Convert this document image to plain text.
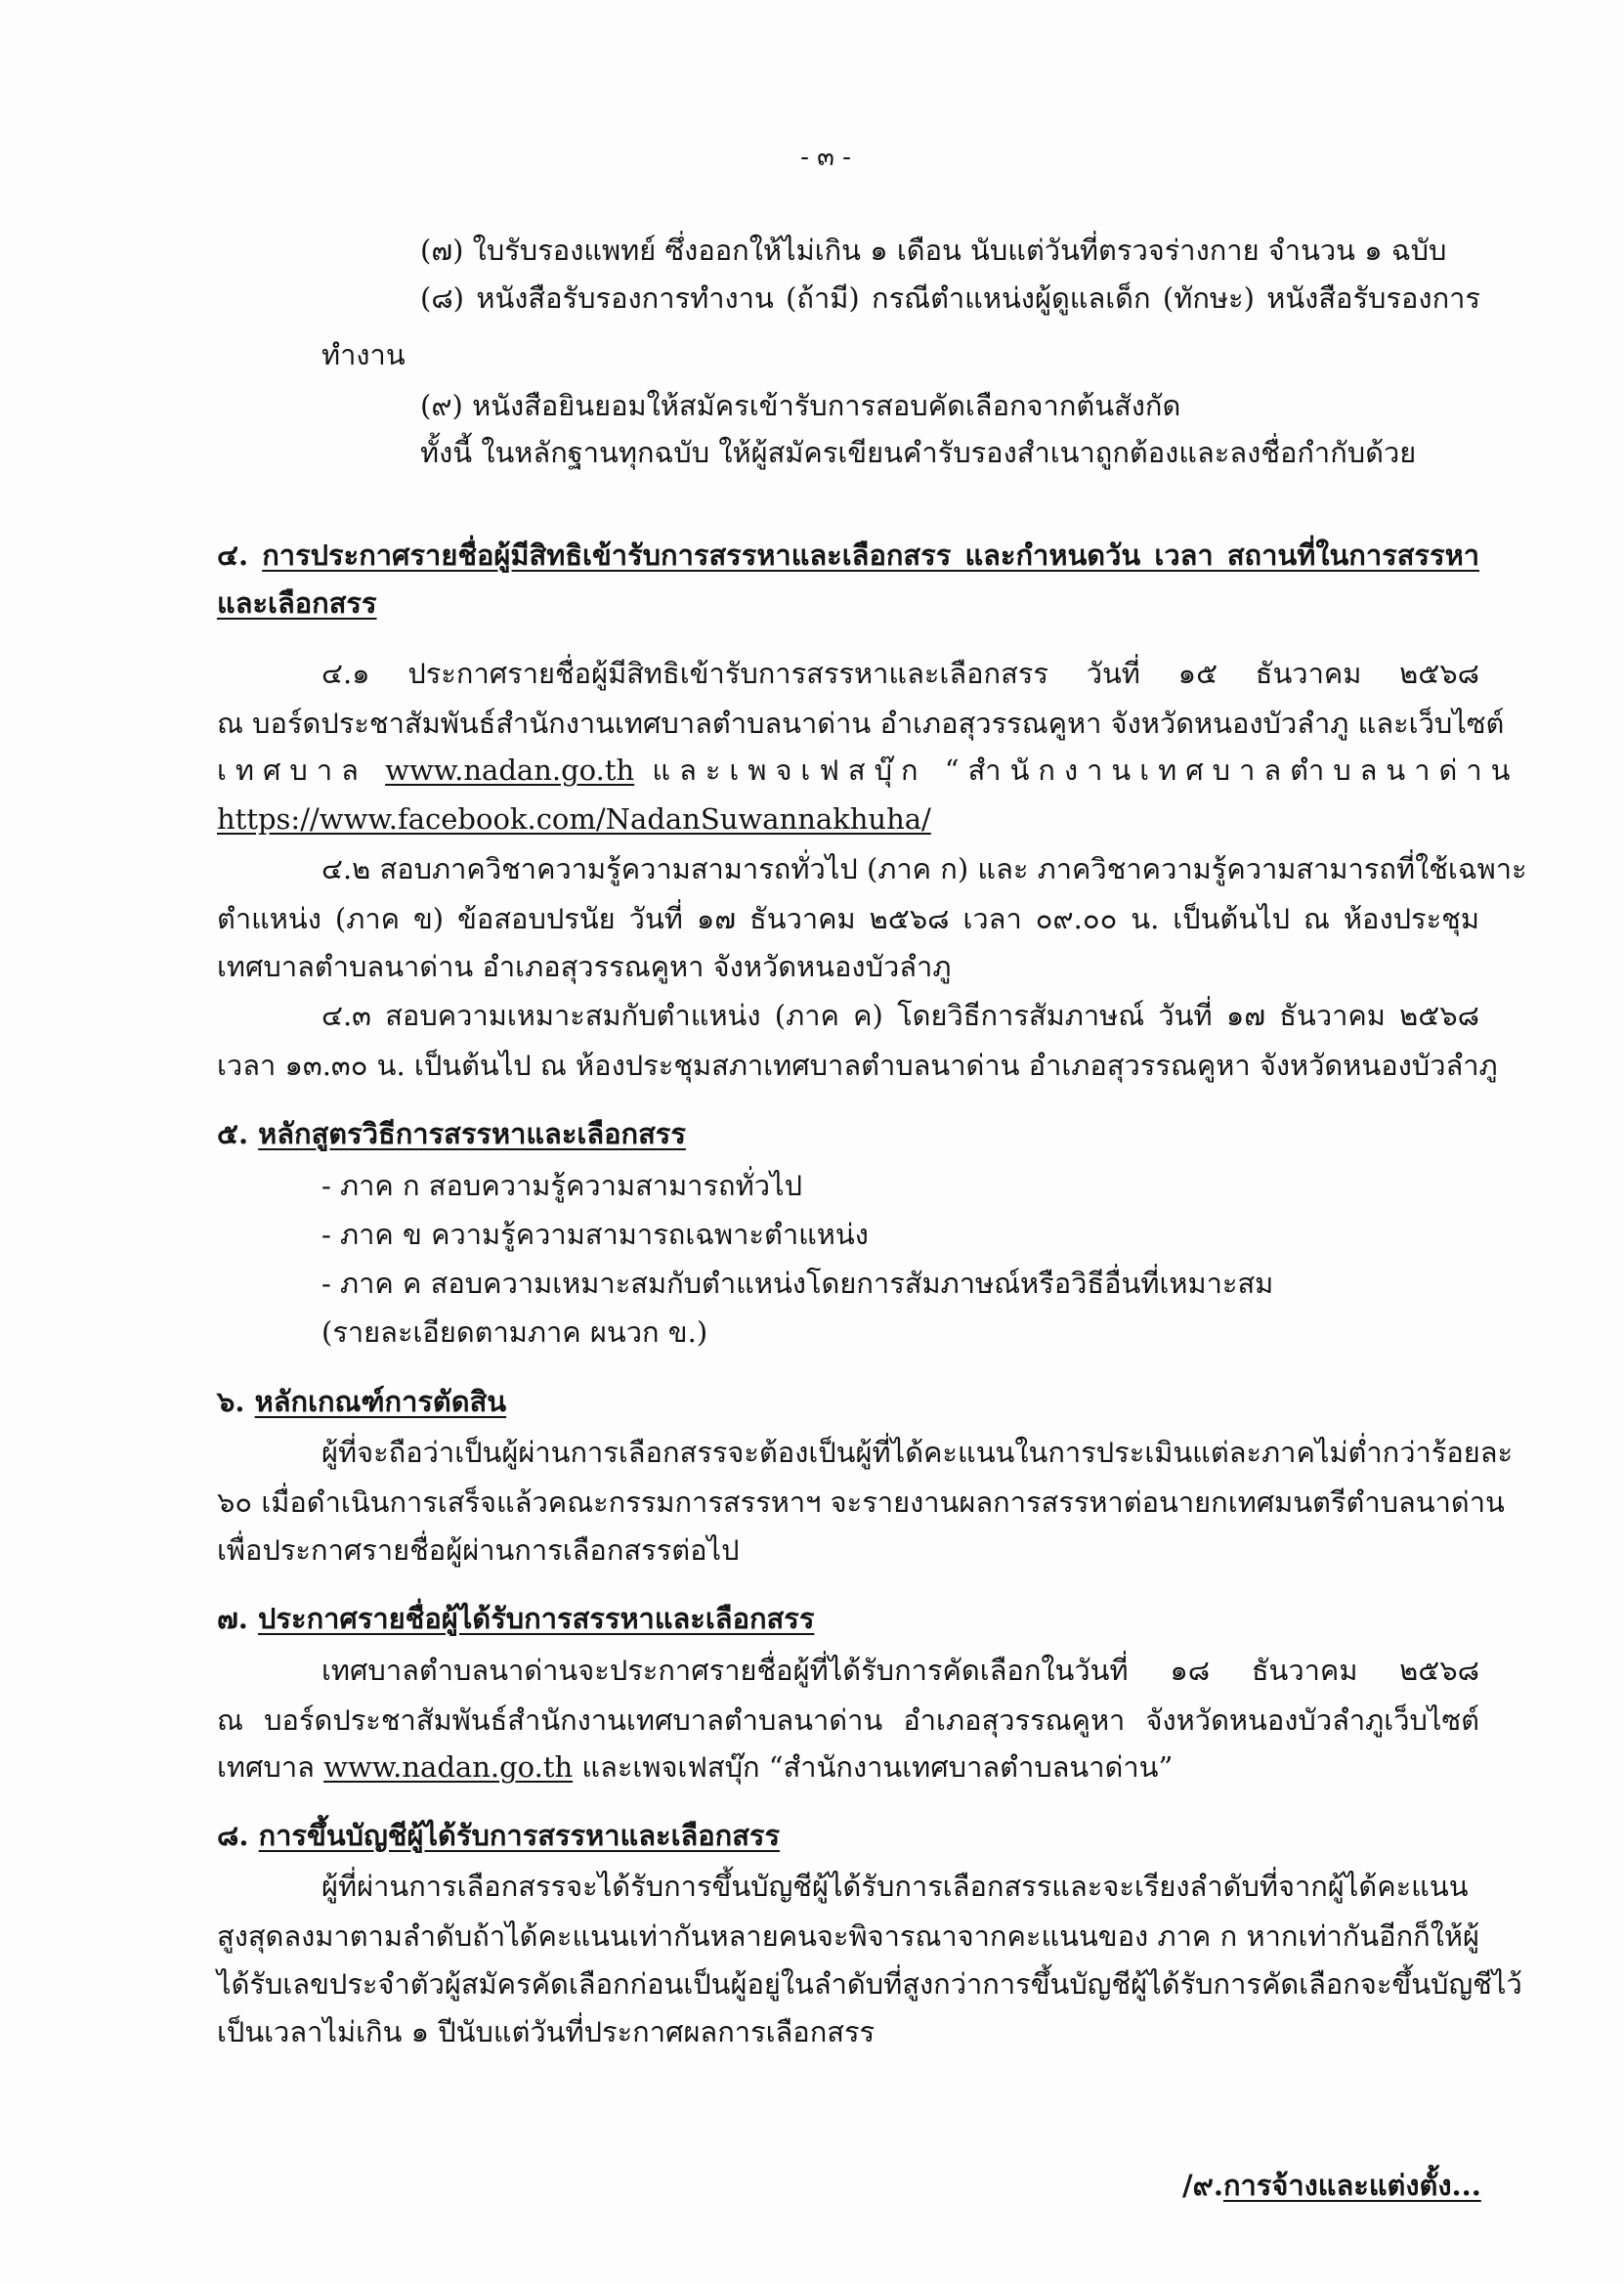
- ๓ -
(๗) ใบรับรองแพทย์ ซึ่งออกให้ไม่เกิน ๑ เดือน นับแต่วันที่ตรวจร่างกาย จำนวน ๑ ฉบับ
(๘) หนังสือรับรองการทำงาน (ถ้ามี) กรณีตำแหน่งผู้ดูแลเด็ก (ทักษะ) หนังสือรับรองการ
ทำงาน
(๙) หนังสือยินยอมให้สมัครเข้ารับการสอบคัดเลือกจากต้นสังกัด
ทั้งนี้ ในหลักฐานทุกฉบับ ให้ผู้สมัครเขียนคำรับรองสำเนาถูกต้องและลงชื่อกำกับด้วย
๔. การประกาศรายชื่อผู้มีสิทธิเข้ารับการสรรหาและเลือกสรร และกำหนดวัน เวลา สถานที่ในการสรรหา
และเลือกสรร
๔.๑ ประกาศรายชื่อผู้มีสิทธิเข้ารับการสรรหาและเลือกสรร วันที่ ๑๕ ธันวาคม ๒๕๖๘
ณ บอร์ดประชาสัมพันธ์สำนักงานเทศบาลตำบลนาด่าน อำเภอสุวรรณคูหา จังหวัดหนองบัวลำภู และเว็บไซต์
เทศบาล www.nadan.go.th และเพจเฟสบุ๊ก “สำนักงานเทศบาลตำบลนาด่าน
https://www.facebook.com/NadanSuwannakhuha/
๔.๒ สอบภาควิชาความรู้ความสามารถทั่วไป (ภาค ก) และ ภาควิชาความรู้ความสามารถที่ใช้เฉพาะ
ตำแหน่ง (ภาค ข) ข้อสอบปรนัย วันที่ ๑๗ ธันวาคม ๒๕๖๘ เวลา ๐๙.๐๐ น. เป็นต้นไป ณ ห้องประชุม
เทศบาลตำบลนาด่าน อำเภอสุวรรณคูหา จังหวัดหนองบัวลำภู
๔.๓ สอบความเหมาะสมกับตำแหน่ง (ภาค ค) โดยวิธีการสัมภาษณ์ วันที่ ๑๗ ธันวาคม ๒๕๖๘
เวลา ๑๓.๓๐ น. เป็นต้นไป ณ ห้องประชุมสภาเทศบาลตำบลนาด่าน อำเภอสุวรรณคูหา จังหวัดหนองบัวลำภู
๕. หลักสูตรวิธีการสรรหาและเลือกสรร
- ภาค ก สอบความรู้ความสามารถทั่วไป
- ภาค ข ความรู้ความสามารถเฉพาะตำแหน่ง
- ภาค ค สอบความเหมาะสมกับตำแหน่งโดยการสัมภาษณ์หรือวิธีอื่นที่เหมาะสม
(รายละเอียดตามภาค ผนวก ข.)
๖. หลักเกณฑ์การตัดสิน
ผู้ที่จะถือว่าเป็นผู้ผ่านการเลือกสรรจะต้องเป็นผู้ที่ได้คะแนนในการประเมินแต่ละภาคไม่ต่ำกว่าร้อยละ
๖๐ เมื่อดำเนินการเสร็จแล้วคณะกรรมการสรรหาฯ จะรายงานผลการสรรหาต่อนายกเทศมนตรีตำบลนาด่าน
เพื่อประกาศรายชื่อผู้ผ่านการเลือกสรรต่อไป
๗. ประกาศรายชื่อผู้ได้รับการสรรหาและเลือกสรร
เทศบาลตำบลนาด่านจะประกาศรายชื่อผู้ที่ได้รับการคัดเลือกในวันที่ ๑๘ ธันวาคม ๒๕๖๘
ณ บอร์ดประชาสัมพันธ์สำนักงานเทศบาลตำบลนาด่าน อำเภอสุวรรณคูหา จังหวัดหนองบัวลำภูเว็บไซต์
เทศบาล www.nadan.go.th และเพจเฟสบุ๊ก “สำนักงานเทศบาลตำบลนาด่าน”
๘. การขึ้นบัญชีผู้ได้รับการสรรหาและเลือกสรร
ผู้ที่ผ่านการเลือกสรรจะได้รับการขึ้นบัญชีผู้ได้รับการเลือกสรรและจะเรียงลำดับที่จากผู้ได้คะแนน
สูงสุดลงมาตามลำดับถ้าได้คะแนนเท่ากันหลายคนจะพิจารณาจากคะแนนของ ภาค ก หากเท่ากันอีกก็ให้ผู้
ได้รับเลขประจำตัวผู้สมัครคัดเลือกก่อนเป็นผู้อยู่ในลำดับที่สูงกว่าการขึ้นบัญชีผู้ได้รับการคัดเลือกจะขึ้นบัญชีไว้
เป็นเวลาไม่เกิน ๑ ปีนับแต่วันที่ประกาศผลการเลือกสรร
/๙.การจ้างและแต่งตั้ง...
